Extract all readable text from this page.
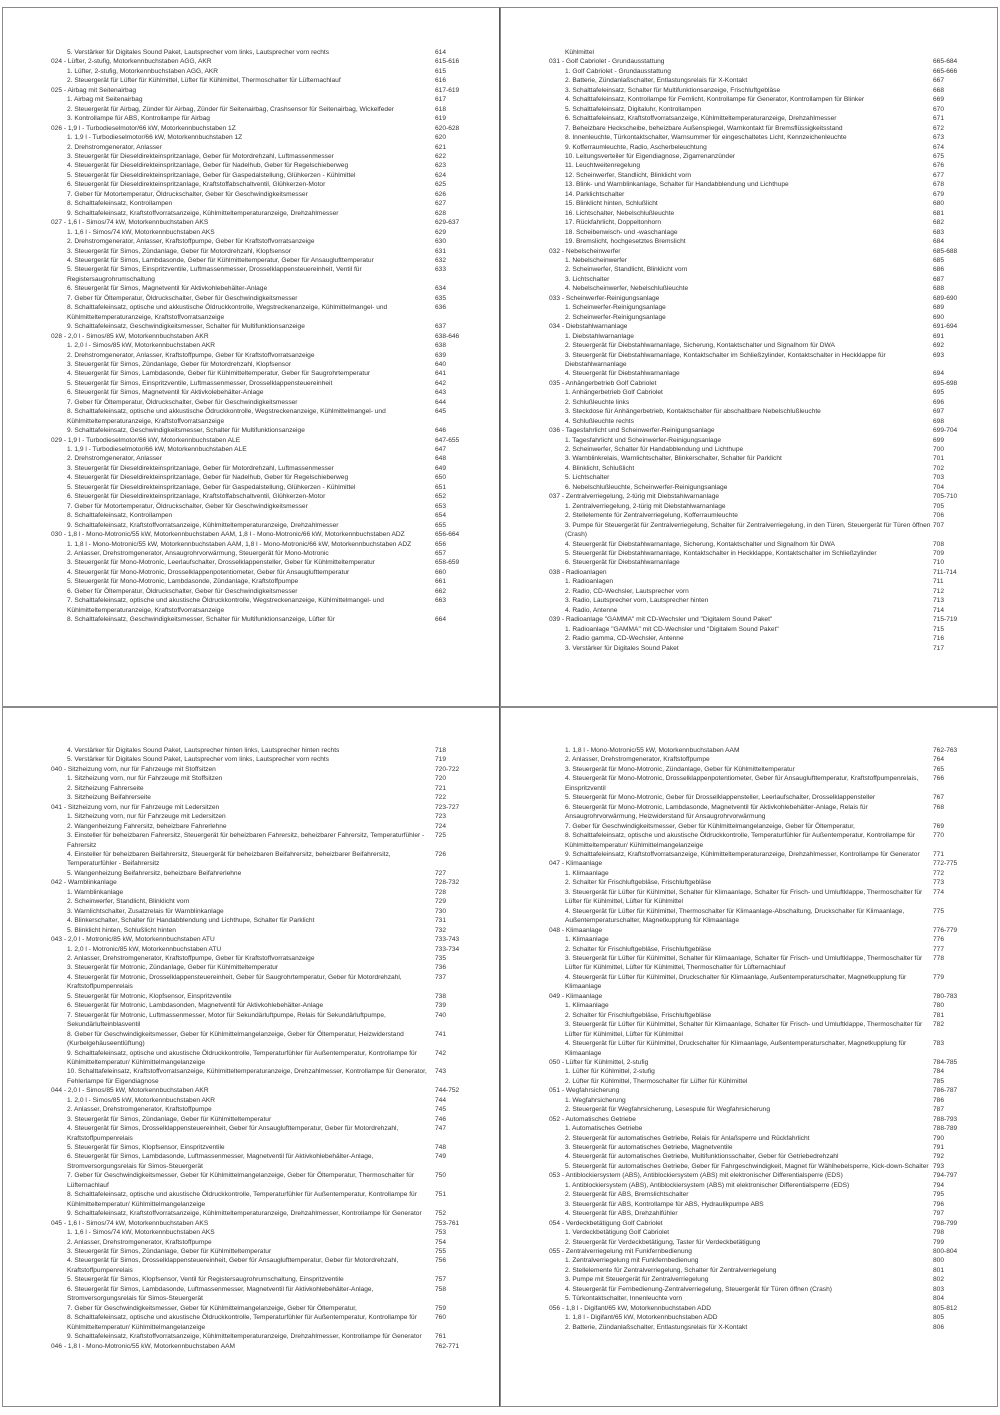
5. Verstärker für Digitales Sound Paket, Lautsprecher vorn links, Lautsprecher vorn rechts	614
024 - Lüfter, 2-stufig, Motorkennbuchstaben AGG, AKR	615-616
1. Lüfter, 2-stufig, Motorkennbuchstaben AGG, AKR	615
2. Steuergerät für Lüfter für Kühlmittel, Lüfter für Kühlmittel, Thermoschalter für Lüfternachlauf	616
025 - Airbag mit Seitenairbag	617-619
1. Airbag mit Seitenairbag	617
2. Steuergerät für Airbag, Zünder für Airbag, Zünder für Seitenairbag, Crashsensor für Seitenairbag, Wickelfeder	618
3. Kontrollampe für ABS, Kontrollampe für Airbag	619
026 - 1,9 l - Turbodieselmotor/66 kW, Motorkennbuchstaben 1Z	620-628
1. 1,9 l - Turbodieselmotor/66 kW, Motorkennbuchstaben 1Z	620
2. Drehstromgenerator, Anlasser	621
3. Steuergerät für Dieseldirekteinspritzanlage, Geber für Motordrehzahl, Luftmassenmesser	622
4. Steuergerät für Dieseldirekteinspritzanlage, Geber für Nadelhub, Geber für Regelschieberweg	623
5. Steuergerät für Dieseldirekteinspritzanlage, Geber für Gaspedalstellung, Glühkerzen - Kühlmittel	624
6. Steuergerät für Dieseldirekteinspritzanlage, Kraftstoffabschaltventil, Glühkerzen-Motor	625
7. Geber für Motortemperatur, Öldruckschalter, Geber für Geschwindigkeitsmesser	626
8. Schalttafeleinsatz, Kontrollampen	627
9. Schalttafeleinsatz, Kraftstoffvorratsanzeige, Kühlmitteltemperaturanzeige, Drehzahlmesser	628
027 - 1,6 l - Simos/74 kW, Motorkennbuchstaben AKS	629-637
1. 1,6 l - Simos/74 kW, Motorkennbuchstaben AKS	629
2. Drehstromgenerator, Anlasser, Kraftstoffpumpe, Geber für Kraftstoffvorratsanzeige	630
3. Steuergerät für Simos, Zündanlage, Geber für Motordrehzahl, Klopfsensor	631
4. Steuergerät für Simos, Lambdasonde, Geber für Kühlmitteltemperatur, Geber für Ansauglufttemperatur	632
5. Steuergerät für Simos, Einspritzventile, Luftmassenmesser, Drosselklappensteuereinheit, Ventil für Registersaugrohrumschaltung
633
6. Steuergerät für Simos, Magnetventil für Aktivkohlebehälter-Anlage	634
7. Geber für Öltemperatur, Öldruckschalter, Geber für Geschwindigkeitsmesser	635
8. Schalttafeleinsatz, optische und akkustische Öldruckkontrolle, Wegstreckenanzeige, Kühlmittelmangel- und Kühlmitteltemperaturanzeige, Kraftstoffvorratsanzeige
636
9. Schalttafeleinsatz, Geschwindigkeitsmesser, Schalter für Multifunktionsanzeige	637
028 - 2,0 l - Simos/85 kW, Motorkennbuchstaben AKR	638-646
1. 2,0 l - Simos/85 kW, Motorkennbuchstaben AKR	638
2. Drehstromgenerator, Anlasser, Kraftstoffpumpe, Geber für Kraftstoffvorratsanzeige	639
3. Steuergerät für Simos, Zündanlage, Geber für Motordrehzahl, Klopfsensor	640
4. Steuergerät für Simos, Lambdasonde, Geber für Kühlmitteltemperatur, Geber für Saugrohrtemperatur	641
5. Steuergerät für Simos, Einspritzventile, Luftmassenmesser, Drosselklappensteuereinheit	642
6. Steuergerät für Simos, Magnetventil für Aktivkolebehälter-Anlage	643
7. Geber für Öltemperatur, Öldruckschalter, Geber für Geschwindigkeitsmesser	644
8. Schalttafeleinsatz, optische und akkustische Ödruckkontrolle, Wegstreckenanzeige, Kühlmittelmangel- und Kühlmitteltemperaturanzeige, Kraftstoffvorratsanzeige
645
9. Schalttafeleinsatz, Geschwindigkeitsmesser, Schalter für Multifunktionsanzeige	646
029 - 1,9 l - Turbodieselmotor/66 kW, Motorkennbuchstaben ALE	647-655
1. 1,9 l - Turbodieselmotor/66 kW, Motorkennbuchstaben ALE	647
2. Drehstromgenerator, Anlasser	648
3. Steuergerät für Dieseldirekteinspritzanlage, Geber für Motordrehzahl, Luftmassenmesser	649
4. Steuergerät für Dieseldirekteinspritzanlage, Geber für Nadelhub, Geber für Regelschieberweg	650
5. Steuergerät für Dieseldirekteinspritzanlage, Geber für Gaspedalstellung, Glühkerzen - Kühlmittel	651
6. Steuergerät für Dieseldirekteinspritzanlage, Kraftstoffabschaltventil, Glühkerzen-Motor	652
7. Geber für Motortemperatur, Öldruckschalter, Geber für Geschwindigkeitsmesser	653
8. Schalttafeleinsatz, Kontrollampen	654
9. Schalttafeleinsatz, Kraftstoffvorratsanzeige, Kühlmitteltemperaturanzeige, Drehzahlmesser	655
030 - 1,8 l - Mono-Motronic/55 kW, Motorkennbuchstaben AAM, 1,8 l - Mono-Motronic/66 kW, Motorkennbuchstaben ADZ	656-664
1. 1,8 l - Mono-Motronic/55 kW, Motorkennbuchstaben AAM, 1,8 l - Mono-Motronic/66 kW, Motorkennbuchstaben ADZ	656
2. Anlasser, Drehstromgenerator, Ansaugrohrvorwärmung, Steuergerät für Mono-Motronic	657
3. Steuergerät für Mono-Motronic, Leerlaufschalter, Drosselklappensteller, Geber für Kühlmitteltemperatur	658-659
4. Steuergerät für Mono-Motronic, Drosselklappenpotentiometer, Geber für Ansauglufttemperatur	660
5. Steuergerät für Mono-Motronic, Lambdasonde, Zündanlage, Kraftstoffpumpe	661
6. Geber für Öltemperatur, Öldruckschalter, Geber für Geschwindigkeitsmesser	662
7. Schalttafeleinsatz, optische und akustische Öldruckkontrolle, Wegstreckenanzeige, Kühlmittelmangel- und Kühlmitteltemperaturanzeige, Kraftstoffvorratsanzeige
663
8. Schalttafeleinsatz, Geschwindigkeitsmesser, Schalter für Multifunktionsanzeige, Lüfter für	664
Kühlmittel
031 - Golf Cabriolet - Grundausstattung	665-684
1. Golf Cabriolet - Grundausstattung	665-666
2. Batterie, Zündanlaßschalter, Entlastungsrelais für X-Kontakt	667
3. Schalttafeleinsatz, Schalter für Multifunktionsanzeige, Frischluftgebläse	668
4. Schalttafeleinsatz, Kontrollampe für Fernlicht, Kontrollampe für Generator, Kontrollampen für Blinker	669
5. Schalttafeleinsatz, Digitaluhr, Kontrollampen	670
6. Schalttafeleinsatz, Kraftstoffvorratsanzeige, Kühlmitteltemperaturanzeige, Drehzahlmesser	671
7. Beheizbare Heckscheibe, beheizbare Außenspiegel, Warnkontakt für Bremsflüssigkeitsstand	672
8. Innenleuchte, Türkontaktschalter, Warnsummer für eingeschaltetes Licht, Kennzeichenleuchte	673
9. Kofferraumleuchte, Radio, Ascherbeleuchtung	674
10. Leitungsverteiler für Eigendiagnose, Zigarrenanzünder	675
11. Leuchtweitenregelung	676
12. Scheinwerfer, Standlicht, Blinklicht vorn	677
13. Blink- und Warnblinkanlage, Schalter für Handabblendung und Lichthupe	678
14. Parklichtschalter	679
15. Blinklicht hinten, Schlußlicht	680
16. Lichtschalter, Nebelschlußleuchte	681
17. Rückfahrlicht, Doppeltonhorn	682
18. Scheibenwisch- und -waschanlage	683
19. Bremslicht, hochgesetztes Bremslicht	684
032 - Nebelscheinwerfer	685-688
1. Nebelscheinwerfer	685
2. Scheinwerfer, Standlicht, Blinklicht vorn	686
3. Lichtschalter	687
4. Nebelscheinwerfer, Nebelschlußleuchte	688
033 - Scheinwerfer-Reinigungsanlage	689-690
1. Scheinwerfer-Reinigungsanlage	689
2. Scheinwerfer-Reinigungsanlage	690
034 - Diebstahlwarnanlage	691-694
1. Diebstahlwarnanlage	691
2. Steuergerät für Diebstahlwarnanlage, Sicherung, Kontaktschalter und Signalhorn für DWA	692
3. Steuergerät für Diebstahlwarnanlage, Kontaktschalter im Schließzylinder, Kontaktschalter in Heckklappe für Diebstahlwarnanlage
693
4. Steuergerät für Diebstahlwarnanlage	694
035 - Anhängerbetrieb Golf Cabriolet	695-698
1. Anhängerbetrieb Golf Cabriolet	695
2. Schlußleuchte links	696
3. Steckdose für Anhängerbetrieb, Kontaktschalter für abschaltbare Nebelschlußleuchte	697
4. Schlußleuchte rechts	698
036 - Tagesfahrlicht und Scheinwerfer-Reinigungsanlage	699-704
1. Tagesfahrlicht und Scheinwerfer-Reinigungsanlage	699
2. Scheinwerfer, Schalter für Handabblendung und Lichthupe	700
3. Warnblinkrelais, Warnlichtschalter, Blinkerschalter, Schalter für Parklicht	701
4. Blinklicht, Schlußlicht	702
5. Lichtschalter	703
6. Nebelschlußleuchte, Scheinwerfer-Reinigungsanlage	704
037 - Zentralverriegelung, 2-türig mit Diebstahlwarnanlage	705-710
1. Zentralverriegelung, 2-türig mit Diebstahlwarnanlage	705
2. Stellelemente für Zentralverriegelung, Kofferraumleuchte	706
3. Pumpe für Steuergerät für Zentralverriegelung, Schalter für Zentralverriegelung, in den Türen, Steuergerät für Türen öffnen (Crash)
707
4. Steuergerät für Diebstahlwarnanlage, Sicherung, Kontaktschalter und Signalhorn für DWA	708
5. Steuergerät für Diebstahlwarnanlage, Kontaktschalter in Heckklappe, Kontaktschalter im Schließzylinder	709
6. Steuergerät für Diebstahlwarnanlage	710
038 - Radioanlagen	711-714
1. Radioanlagen	711
2. Radio, CD-Wechsler, Lautsprecher vorn	712
3. Radio, Lautsprecher vorn, Lautsprecher hinten	713
4. Radio, Antenne	714
039 - Radioanlage "GAMMA" mit CD-Wechsler und "Digitalem Sound Paket"	715-719
1. Radioanlage "GAMMA" mit CD-Wechsler und "Digitalem Sound Paket"	715
2. Radio gamma, CD-Wechsler, Antenne	716
3. Verstärker für Digitales Sound Paket	717
4. Verstärker für Digitales Sound Paket, Lautsprecher hinten links, Lautsprecher hinten rechts	718
5. Verstärker für Digitales Sound Paket, Lautsprecher vorn links, Lautsprecher vorn rechts	719
040 - Sitzheizung vorn, nur für Fahrzeuge mit Stoffsitzen	720-722
1. Sitzheizung vorn, nur für Fahrzeuge mit Stoffsitzen	720
2. Sitzheizung Fahrerseite	721
3. Sitzheizung Beifahrerseite	722
041 - Sitzheizung vorn, nur für Fahrzeuge mit Ledersitzen	723-727
1. Sitzheizung vorn, nur für Fahrzeuge mit Ledersitzen	723
2. Wangenheizung Fahrersitz, beheizbare Fahrerlehne	724
3. Einsteller für beheizbaren Fahrersitz, Steuergerät für beheizbaren Fahrersitz, beheizbarer Fahrersitz, Temperaturfühler - Fahrersitz
725
4. Einsteller für beheizbaren Beifahrersitz, Steuergerät für beheizbaren Beifahrersitz, beheizbarer Beifahrersitz, Temperaturfühler - Beifahrersitz
726
5. Wangenheizung Beifahrersitz, beheizbare Beifahrerlehne	727
042 - Warnblinkanlage	728-732
1. Warnblinkanlage	728
2. Scheinwerfer, Standlicht, Blinklicht vorn	729
3. Warnlichtschalter, Zusatzrelais für Warnblinkanlage	730
4. Blinkerschalter, Schalter für Handabblendung und Lichthupe, Schalter für Parklicht	731
5. Blinklicht hinten, Schlußlicht hinten	732
043 - 2,0 l - Motronic/85 kW, Motorkennbuchstaben ATU	733-743
1. 2,0 l - Motronic/85 kW, Motorkennbuchstaben ATU	733-734
2. Anlasser, Drehstromgenerator, Kraftstoffpumpe, Geber für Kraftstoffvorratsanzeige	735
3. Steuergerät für Motronic, Zündanlage, Geber für Kühlmitteltemperatur	736
4. Steuergerät für Motronic, Drosselklappensteuereinheit, Geber für Saugrohrtemperatur, Geber für Motordrehzahl, Kraftstoffpumpenrelais
737
5. Steuergerät für Motronic, Klopfsensor, Einspritzventile	738
6. Steuergerät für Motronic, Lambdasonden, Magnetventil für Aktivkohlebehälter-Anlage	739
7. Steuergerät für Motronic, Luftmassenmesser, Motor für Sekundärluftpumpe, Relais für Sekundärluftpumpe, Sekundärlufteinblasventil
740
8. Geber für Geschwindigkeitsmesser, Geber für Kühlmittelmangelanzeige, Geber für Öltemperatur, Heizwiderstand (Kurbelgehäuseentlüftung)
741
9. Schalttafeleinsatz, optische und akustische Öldruckkontrolle, Temperaturfühler für Außentemperatur, Kontrollampe für Kühlmitteltemperatur/ Kühlmittelmangelanzeige
742
10. Schalttafeleinsatz, Kraftstoffvorratsanzeige, Kühlmitteltemperaturanzeige, Drehzahlmesser, Kontrollampe für Generator, Fehlerlampe für Eigendiagnose
743
044 - 2,0 l - Simos/85 kW, Motorkennbuchstaben AKR	744-752
1. 2,0 l - Simos/85 kW, Motorkennbuchstaben AKR	744
2. Anlasser, Drehstromgenerator, Kraftstoffpumpe	745
3. Steuergerät für Simos, Zündanlage, Geber für Kühlmitteltemperatur	746
4. Steuergerät für Simos, Drosselklappensteuereinheit, Geber für Ansauglufttemperatur, Geber für Motordrehzahl, Kraftstoffpumpenrelais
747
5. Steuergerät für Simos, Klopfsensor, Einspritzventile	748
6. Steuergerät für Simos, Lambdasonde, Luftmassenmesser, Magnetventil für Aktivkohlebehälter-Anlage, Stromversorgungsrelais für Simos-Steuergerät
749
7. Geber für Geschwindigkeitsmesser, Geber für Kühlmittelmangelanzeige, Geber für Öltemperatur, Thermoschalter für Lüfternachlauf
750
8. Schalttafeleinsatz, optische und akustische Öldruckkontrolle, Temperaturfühler für Außentemperatur, Kontrollampe für Kühlmitteltemperatur/ Kühlmittelmangelanzeige
751
9. Schalttafeleinsatz, Kraftstoffvorratsanzeige, Kühlmitteltemperaturanzeige, Drehzahlmesser, Kontrollampe für Generator	752
045 - 1,6 l - Simos/74 kW, Motorkennbuchstaben AKS	753-761
1. 1,6 l - Simos/74 kW, Motorkennbuchstaben AKS	753
2. Anlasser, Drehstromgenerator, Kraftstoffpumpe	754
3. Steuergerät für Simos, Zündanlage, Geber für Kühlmitteltemperatur	755
4. Steuergerät für Simos, Drosselklappensteuereinheit, Geber für Ansauglufttemperatur, Geber für Motordrehzahl, Kraftstoffpumpenrelais
756
5. Steuergerät für Simos, Klopfsensor, Ventil für Registersaugrohrumschaltung, Einspritzventile	757
6. Steuergerät für Simos, Lambdasonde, Luftmassenmesser, Magnetventil für Aktivkohlebehälter-Anlage, Stromversorgungsrelais für Simos-Steuergerät
758
7. Geber für Geschwindigkeitsmesser, Geber für Kühlmittelmangelanzeige, Geber für Öltemperatur,	759
8. Schalttafeleinsatz, optische und akustische Öldruckkontrolle, Temperaturfühler für Außentemperatur, Kontrollampe für Kühlmitteltemperatur/ Kühlmittelmangelanzeige
760
9. Schalttafeleinsatz, Kraftstoffvorratsanzeige, Kühlmitteltemperaturanzeige, Drehzahlmesser, Kontrollampe für Generator	761
046 - 1,8 l - Mono-Motronic/55 kW, Motorkennbuchstaben AAM	762-771
1. 1,8 l - Mono-Motronic/55 kW, Motorkennbuchstaben AAM	762-763
2. Anlasser, Drehstromgenerator, Kraftstoffpumpe	764
3. Steuergerät für Mono-Motronic, Zündanlage, Geber für Kühlmitteltemperatur	765
4. Steuergerät für Mono-Motronic, Drosselklappenpotentiometer, Geber für Ansauglufttemperatur, Kraftstoffpumpenrelais, Einspritzventil
766
5. Steuergerät für Mono-Motronic, Geber für Drosselklappensteller, Leerlaufschalter, Drosselklappensteller	767
6. Steuergerät für Mono-Motronic, Lambdasonde, Magnetventil für Aktivkohlebehälter-Anlage, Relais für Ansaugrohrvorwärmung, Heizwiderstand für Ansaugrohrvorwärmung
768
7. Geber für Geschwindigkeitsmesser, Geber für Kühlmittelmangelanzeige, Geber für Öltemperatur,	769
8. Schalttafeleinsatz, optische und akustische Öldruckkontrolle, Temperaturfühler für Außentemperatur, Kontrollampe für Kühlmitteltemperatur/ Kühlmittelmangelanzeige
770
9. Schalttafeleinsatz, Kraftstoffvorratsanzeige, Kühlmitteltemperaturanzeige, Drehzahlmesser, Kontrollampe für Generator	771
047 - Klimaanlage	772-775
1. Klimaanlage	772
2. Schalter für Frischluftgebläse, Frischluftgebläse	773
3. Steuergerät für Lüfter für Kühlmittel, Schalter für Klimaanlage, Schalter für Frisch- und Umluftklappe, Thermoschalter für Lüfter für Kühlmittel, Lüfter für Kühlmittel
774
4. Steuergerät für Lüfter für Kühlmittel, Thermoschalter für Klimaanlage-Abschaltung, Druckschalter für Klimaanlage, Außentemperaturschalter, Magnetkupplung für Klimaanlage
775
048 - Klimaanlage	776-779
1. Klimaanlage	776
2. Schalter für Frischluftgebläse, Frischluftgebläse	777
3. Steuergerät für Lüfter für Kühlmittel, Schalter für Klimaanlage, Schalter für Frisch- und Umluftklappe, Thermoschalter für Lüfter für Kühlmittel, Lüfter für Kühlmittel, Thermoschalter für Lüfternachlauf
778
4. Steuergerät für Lüfter für Kühlmittel, Druckschalter für Klimaanlage, Außentemperaturschalter, Magnetkupplung für Klimaanlage
779
049 - Klimaanlage	780-783
1. Klimaanlage	780
2. Schalter für Frischluftgebläse, Frischluftgebläse	781
3. Steuergerät für Lüfter für Kühlmittel, Schalter für Klimaanlage, Schalter für Frisch- und Umluftklappe, Thermoschalter für Lüfter für Kühlmittel, Lüfter für Kühlmittel
782
4. Steuergerät für Lüfter für Kühlmittel, Druckschalter für Klimaanlage, Außentemperaturschalter, Magnetkupplung für Klimaanlage
783
050 - Lüfter für Kühlmittel, 2-stufig	784-785
1. Lüfter für Kühlmittel, 2-stufig	784
2. Lüfter für Kühlmittel, Thermoschalter für Lüfter für Kühlmittel	785
051 - Wegfahrsicherung	786-787
1. Wegfahrsicherung	786
2. Steuergerät für Wegfahrsicherung, Lesespule für Wegfahrsicherung	787
052 - Automatisches Getriebe	788-793
1. Automatisches Getriebe	788-789
2. Steuergerät für automatisches Getriebe, Relais für Anlaßsperre und Rückfahrlicht	790
3. Steuergerät für automatisches Getriebe, Magnetventile	791
4. Steuergerät für automatisches Getriebe, Multifunktionsschalter, Geber für Getriebedrehzahl	792
5. Steuergerät für automatisches Getriebe, Geber für Fahrgeschwindigkeit, Magnet für Wählhebelsperre, Kick-down-Schalter 793
053 - Antiblockiersystem (ABS), Antiblockiersystem (ABS) mit elektronischer Differentialsperre (EDS)	794-797
1. Antiblockiersystem (ABS), Antiblockiersystem (ABS) mit elektronischer Differentialsperre (EDS)	794
2. Steuergerät für ABS, Bremslichtschalter	795
3. Steuergerät für ABS, Kontrollampe für ABS, Hydraulikpumpe ABS	796
4. Steuergerät für ABS, Drehzahlfühler	797
054 - Verdeckbetätigung Golf Cabriolet	798-799
1. Verdeckbetätigung Golf Cabriolet	798
2. Steuergerät für Verdeckbetätigung, Taster für Verdeckbetätigung	799
055 - Zentralverriegelung mit Funkfernbedienung	800-804
1. Zentralverriegelung mit Funkfernbedienung	800
2. Stellelemente für Zentralverriegelung, Schalter für Zentralverriegelung	801
3. Pumpe mit Steuergerät für Zentralverriegelung	802
4. Steuergerät für Fernbedienung-Zentralverriegelung, Steuergerät für Türen öffnen (Crash)	803
5. Türkontaktschalter, Innenleuchte vorn	804
056 - 1,8 l - Digifant/65 kW, Motorkennbuchstaben ADD	805-812
1. 1,8 l - Digifant/65 kW, Motorkennbuchstaben ADD	805
2. Batterie, Zündanlaßschalter, Entlastungsrelais für X-Kontakt	806
